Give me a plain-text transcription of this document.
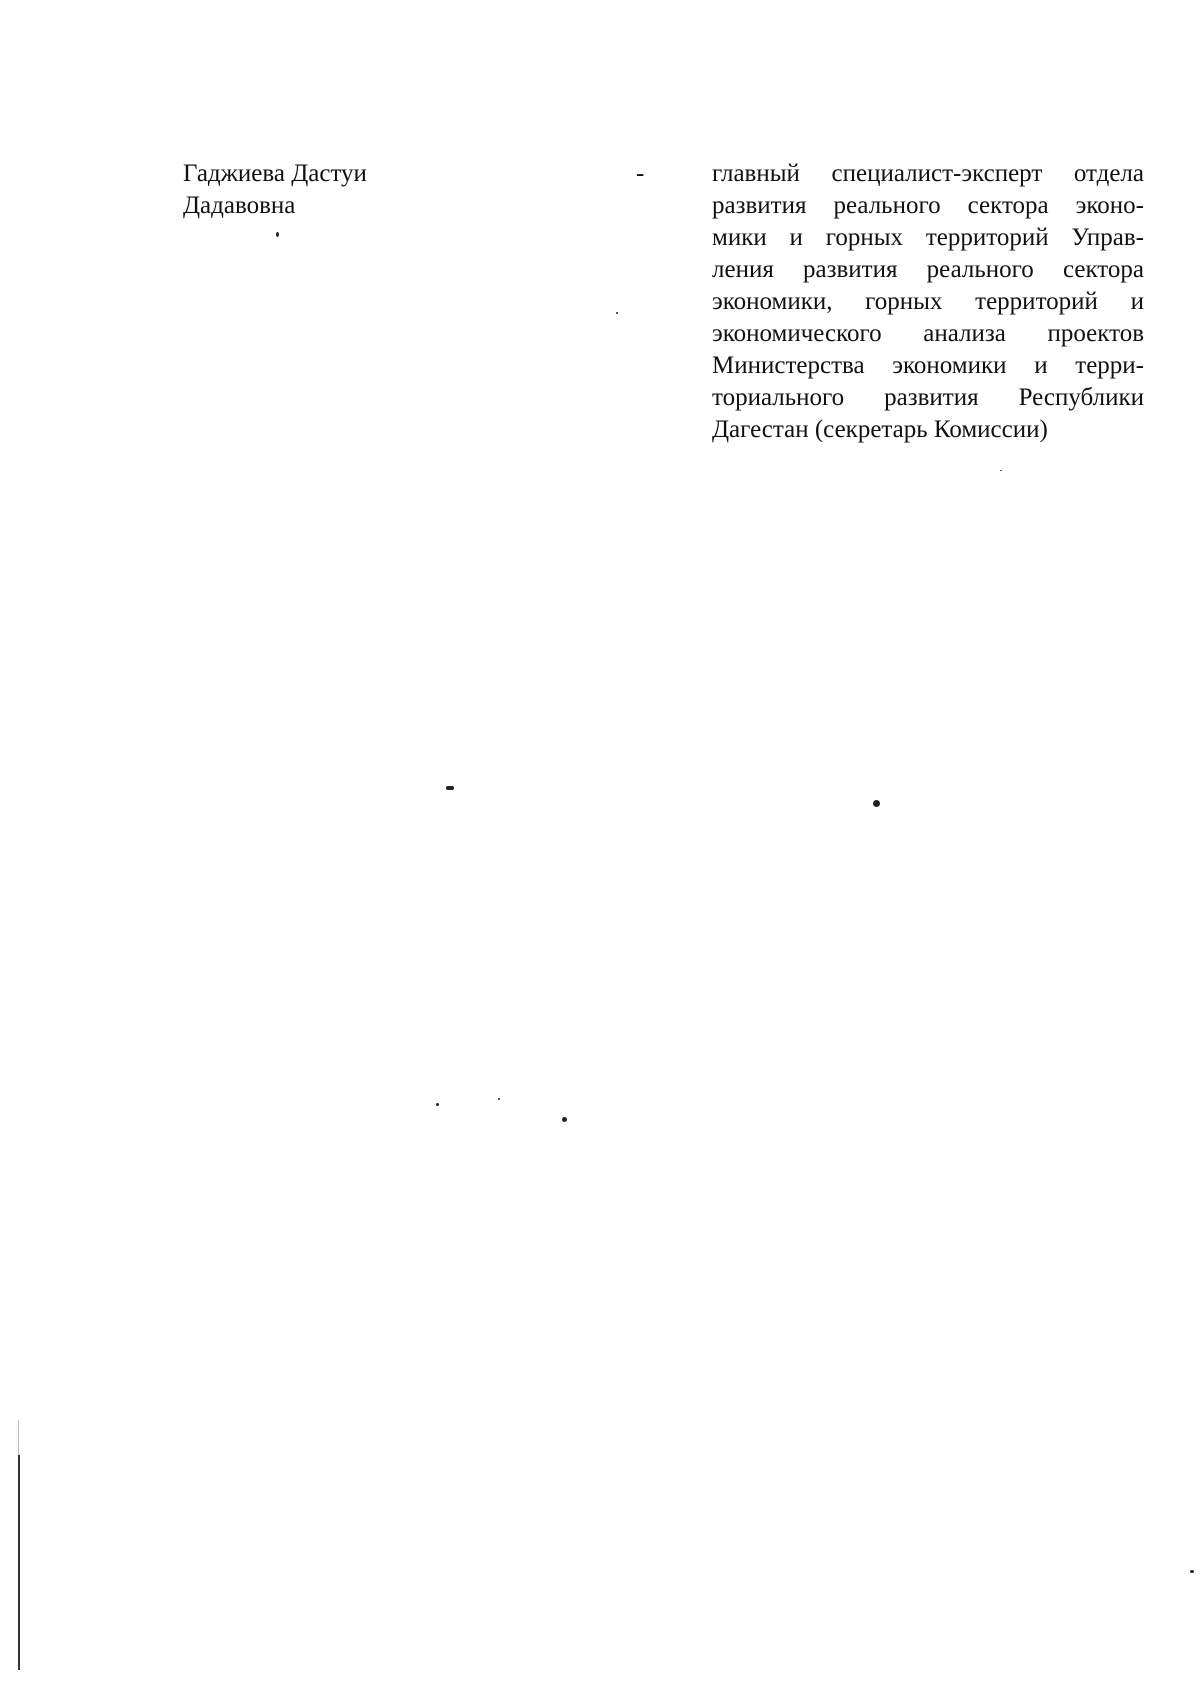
Гаджиева Дастуи
Дадавовна
-	главный специалист-эксперт отдела
развития реального сектора эконо-
мики и горных территорий Управ-
ления развития реального сектора
экономики, горных территорий и
экономического анализа проектов
Министерства экономики и терри-
ториального развития Республики
Дагестан (секретарь Комиссии)
